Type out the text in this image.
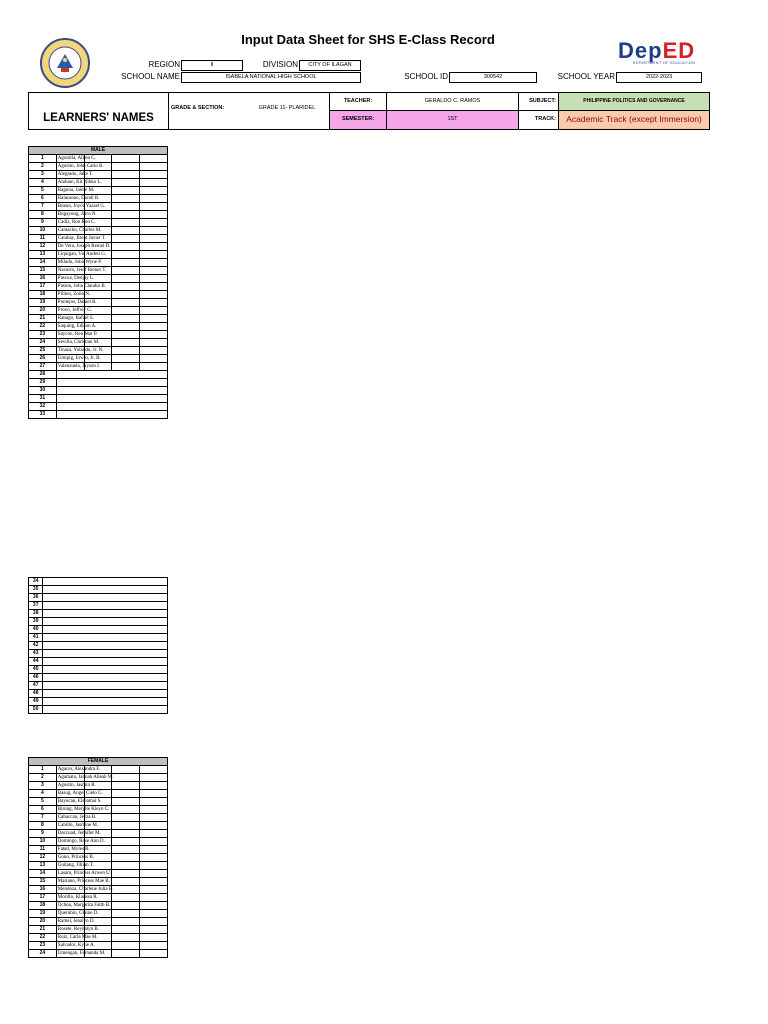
Input Data Sheet for SHS E-Class Record	DepED
DEPARTMENT OF EDUCATION
REGION	II	DIVISION	CITY OF ILAGAN
SCHOOL NAME	ISABELA NATIONAL HIGH SCHOOL	SCHOOL ID	300542	SCHOOL YEAR	2022-2023
LEARNERS' NAMES
GRADE & SECTION:	GRADE 11- PLARIDEL
TEACHER:	GERALDO C. RAMOS
SEMESTER:	1ST
SUBJECT:	PHILIPPINE POLITICS AND GOVERNANCE
TRACK:	Academic Track (except Immersion)
MALE				
1	Agonilla, Alljen C.			
2	Agustin, John Carlo R.			
3	Alegrado, Jake T.			
4	Anduan, Kit Nikko L.			
5	Baguna, Jaime M.			
6	Balacanao, Dondi R.			
7	Bueno, Joyce Yazael G.			
8	Bugayong, Jairo N.			
9	Cadiz, Ron Ron C.			
10	Camacho, Charles M.			
11	Catabay, Brent Javier T.			
12	De Vera, Joseph Reniel D.			
13	Liquigan, Vic Andrei G.			
14	Milado, John Wyne P.			
15	Navarro, Jeoff Reiner T.			
16	Pascua, Denjay L.			
17	Pasion, John Claudio B.			
18	Pillien, Zoilo N.			
19	Pontejos, Daniel B.			
20	Provo, Jeffrey G.			
21	Rabago, Rafael S.			
22	Saquing, Edison A.			
23	Saycon, Ren Mar P.			
24	Sevilla, Christian M.			
25	Tinaza, Yolando, Jr. N.			
26	Umipig, Erwin, Jr. B.			
27	Valenzuela, Jayson I.			
28				
29				
30				
31				
32				
33				
34	
35	
36	
37	
38	
39	
40	
41	
42	
43	
44	
45	
46	
47	
48	
49	
50	
FEMALE				
1	Agacer, Alexandra F.			
2	Agamata, Jannah Alleah W.			
3	Agustin, Jasmin R.			
4	Basug, Angel Cielo G.			
5	Bayucan, Elshamai S.			
6	Birung, Merylle Kleyn C.			
7	Cabaccan, Jezza B.			
8	Cabillo, Jasmine M.			
9	Daccuad, Jennifer M.			
10	Domingo, Rose Ann D.			
11	Fatad, Myles B.			
12	Gono, Princess B.			
13	Guitang, Jillian T.			
14	Lasam, Princess Arwen U.			
15	Mariano, Princess Mae B.			
16	Mendoza, Charlene Julia B.			
17	Morillo, Klarissa R.			
18	Ochoa, Margarita Faith B.			
19	Querubin, Glaine D.			
20	Ramel, Jenalyn D.			
21	Rosete, Reynalyn B.			
22	Ruiz, Carla Mae M.			
23	Salvador, Kylie A.			
24	Umengan, Fernanda M.			
